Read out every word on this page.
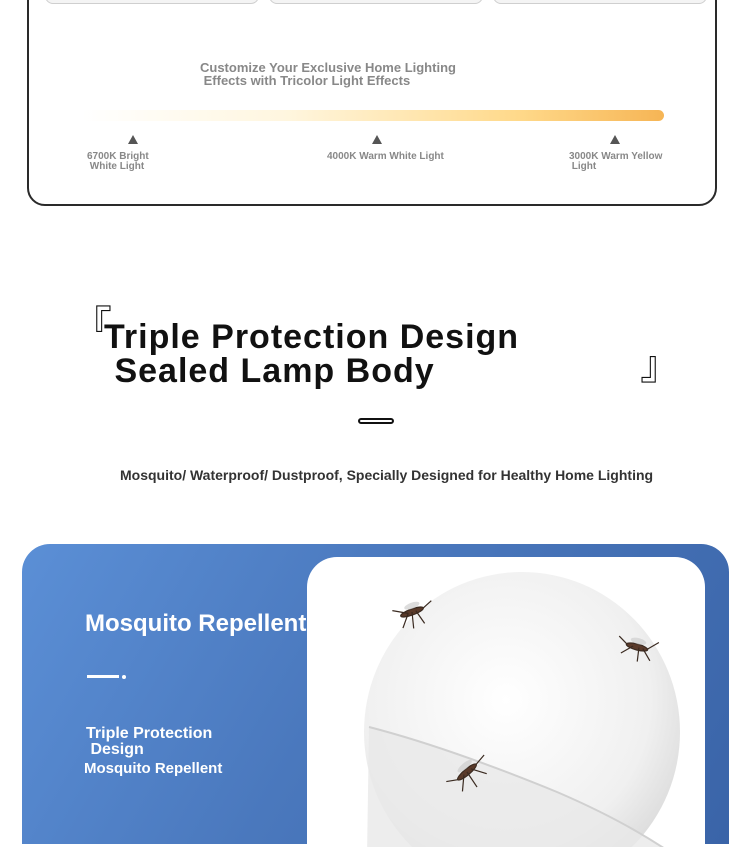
Customize Your Exclusive Home Lighting
Effects with Tricolor Light Effects
6700K Bright
White Light
4000K Warm White Light	3000K Warm Yellow
Light
『
Triple Protection Design
Sealed Lamp Body	』
Mosquito/ Waterproof/ Dustproof, Specially Designed for Healthy Home Lighting
Mosquito Repellent
Triple Protection
Design
Mosquito Repellent
